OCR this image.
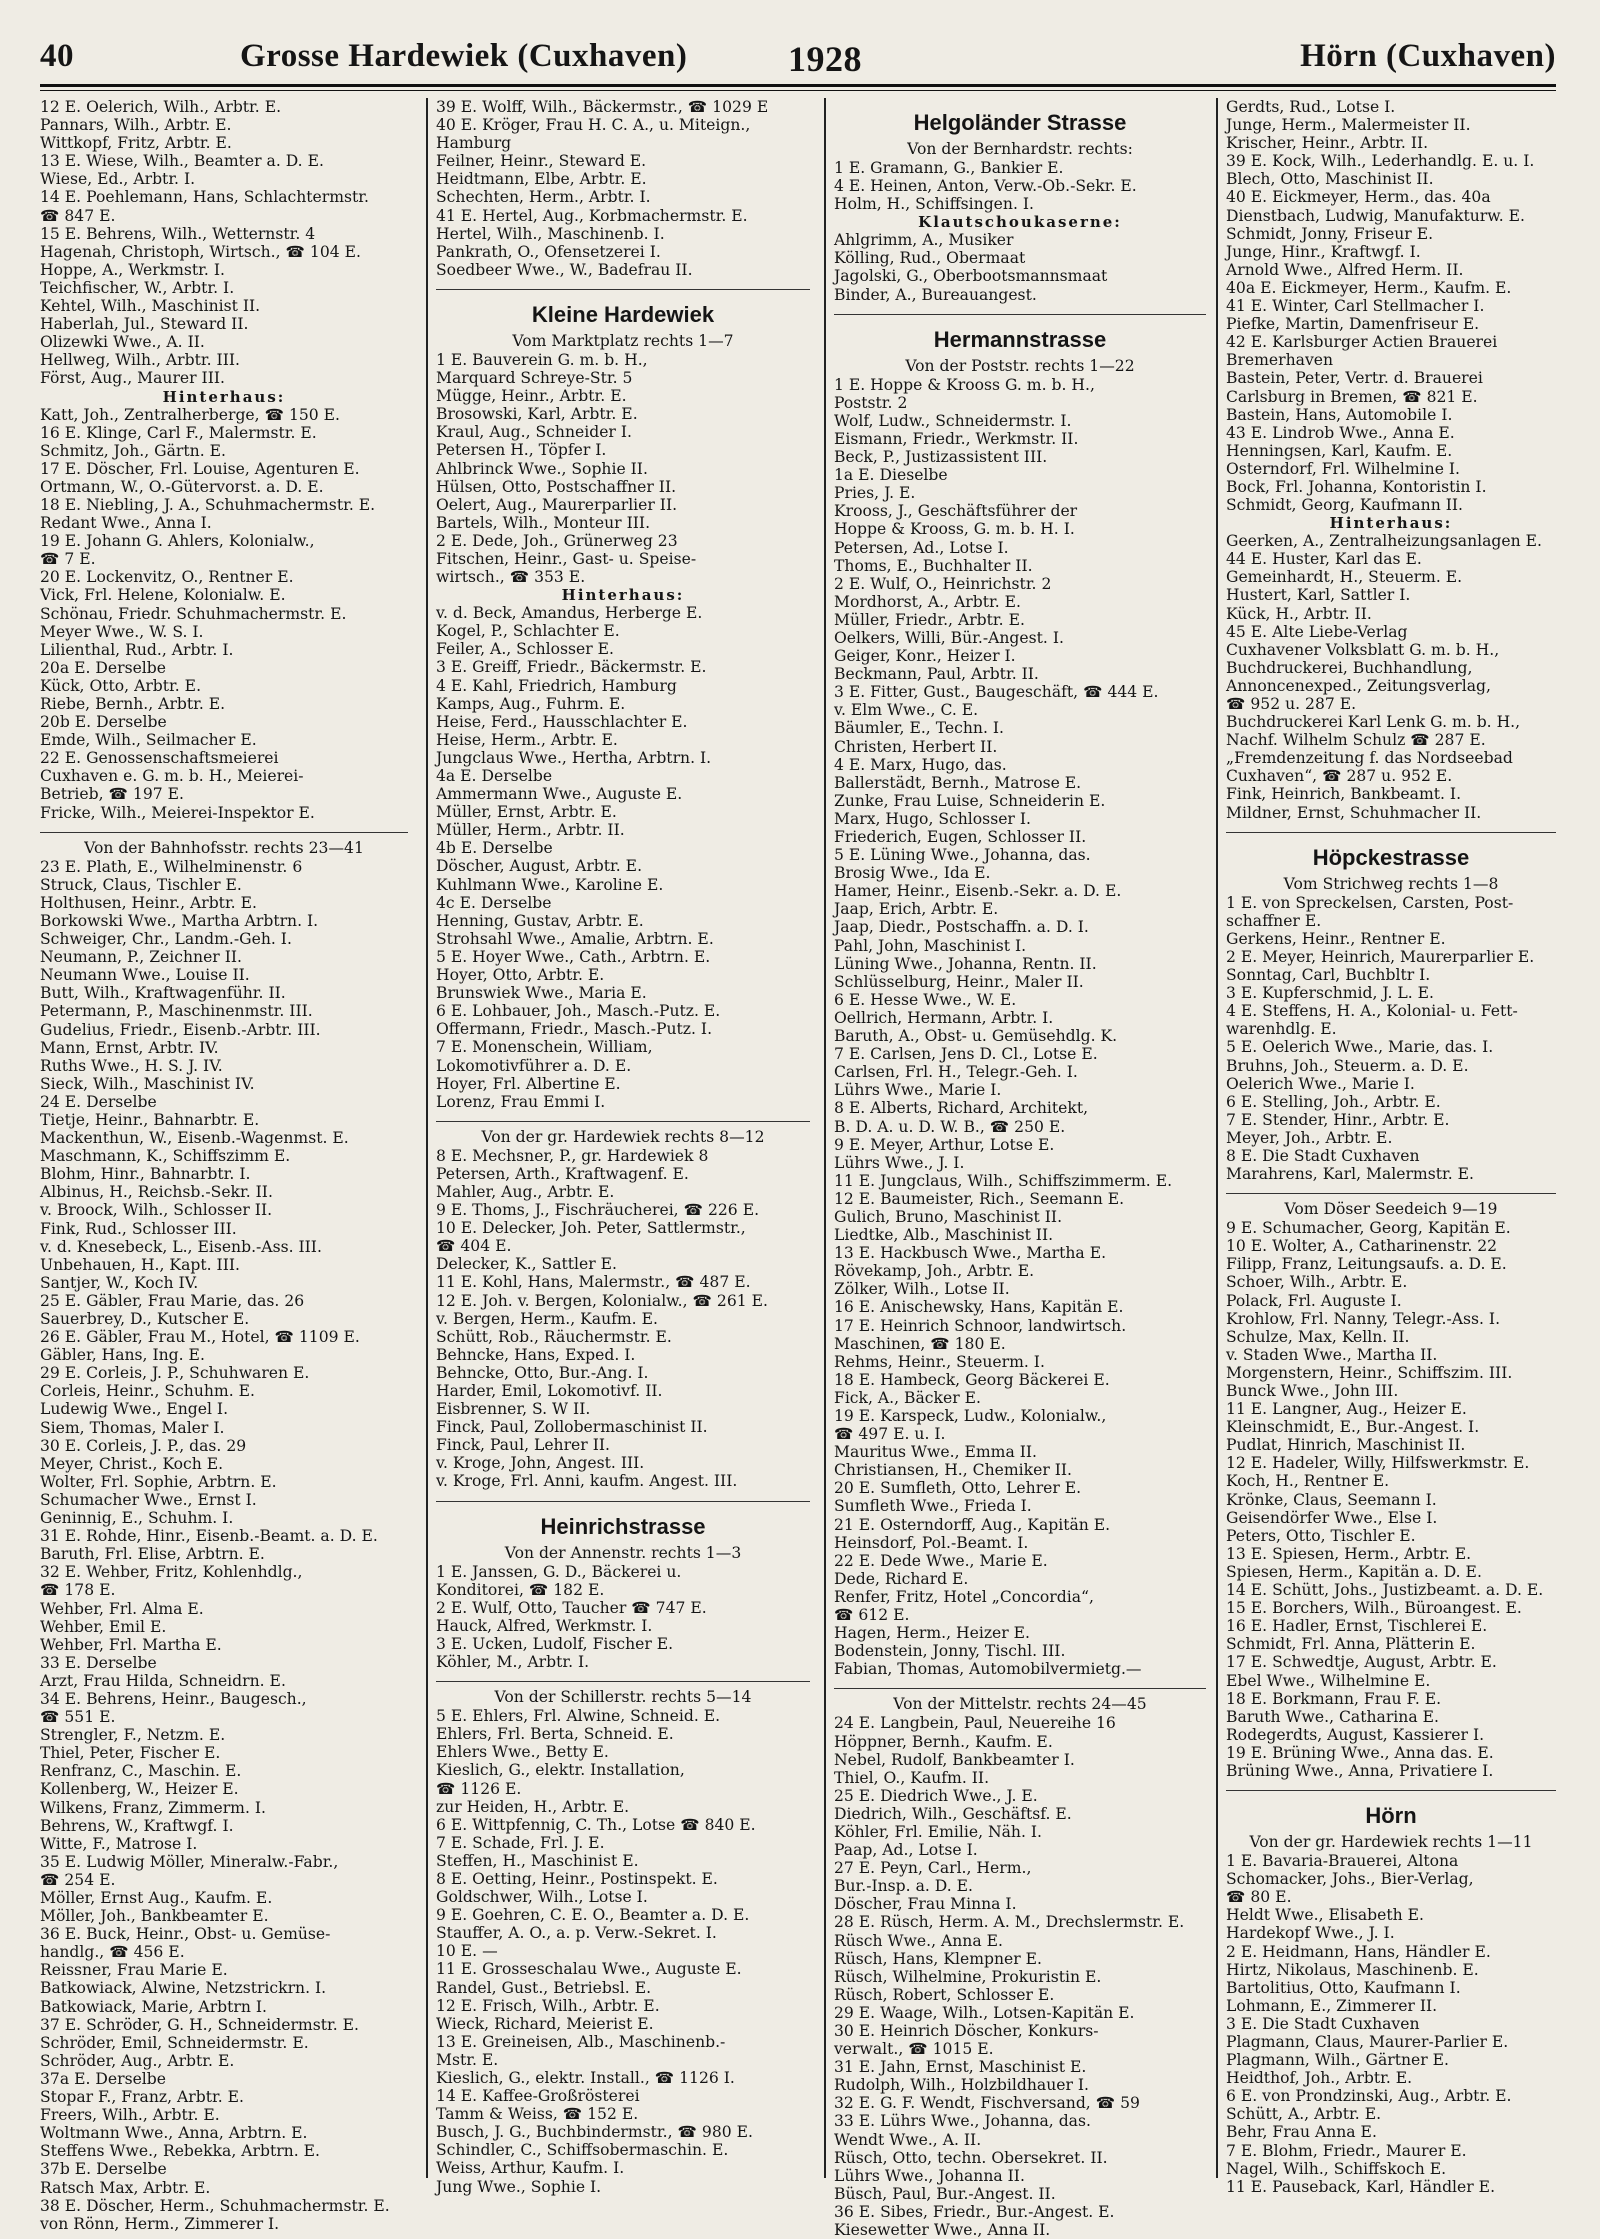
40	Grosse Hardewiek (Cuxhaven)	1928	Hörn (Cuxhaven)
12 E. Oelerich, Wilh., Arbtr. E.
Pannars, Wilh., Arbtr. E.
Wittkopf, Fritz, Arbtr. E.
13 E. Wiese, Wilh., Beamter a. D. E.
Wiese, Ed., Arbtr. I.
14 E. Poehlemann, Hans, Schlachtermstr.
☎ 847 E.
15 E. Behrens, Wilh., Wetternstr. 4
Hagenah, Christoph, Wirtsch., ☎ 104 E.
Hoppe, A., Werkmstr. I.
Teichfischer, W., Arbtr. I.
Kehtel, Wilh., Maschinist II.
Haberlah, Jul., Steward II.
Olizewki Wwe., A. II.
Hellweg, Wilh., Arbtr. III.
Först, Aug., Maurer III.
Hinterhaus:
Katt, Joh., Zentralherberge, ☎ 150 E.
16 E. Klinge, Carl F., Malermstr. E.
Schmitz, Joh., Gärtn. E.
17 E. Döscher, Frl. Louise, Agenturen E.
Ortmann, W., O.-Gütervorst. a. D. E.
18 E. Niebling, J. A., Schuhmachermstr. E.
Redant Wwe., Anna I.
19 E. Johann G. Ahlers, Kolonialw.,
☎ 7 E.
20 E. Lockenvitz, O., Rentner E.
Vick, Frl. Helene, Kolonialw. E.
Schönau, Friedr. Schuhmachermstr. E.
Meyer Wwe., W. S. I.
Lilienthal, Rud., Arbtr. I.
20a E. Derselbe
Kück, Otto, Arbtr. E.
Riebe, Bernh., Arbtr. E.
20b E. Derselbe
Emde, Wilh., Seilmacher E.
22 E. Genossenschaftsmeierei
Cuxhaven e. G. m. b. H., Meierei-
Betrieb, ☎ 197 E.
Fricke, Wilh., Meierei-Inspektor E.
Von der Bahnhofsstr. rechts 23—41
23 E. Plath, E., Wilhelminenstr. 6
Struck, Claus, Tischler E.
Holthusen, Heinr., Arbtr. E.
Borkowski Wwe., Martha Arbtrn. I.
Schweiger, Chr., Landm.-Geh. I.
Neumann, P., Zeichner II.
Neumann Wwe., Louise II.
Butt, Wilh., Kraftwagenführ. II.
Petermann, P., Maschinenmstr. III.
Gudelius, Friedr., Eisenb.-Arbtr. III.
Mann, Ernst, Arbtr. IV.
Ruths Wwe., H. S. J. IV.
Sieck, Wilh., Maschinist IV.
24 E. Derselbe
Tietje, Heinr., Bahnarbtr. E.
Mackenthun, W., Eisenb.-Wagenmst. E.
Maschmann, K., Schiffszimm E.
Blohm, Hinr., Bahnarbtr. I.
Albinus, H., Reichsb.-Sekr. II.
v. Broock, Wilh., Schlosser II.
Fink, Rud., Schlosser III.
v. d. Knesebeck, L., Eisenb.-Ass. III.
Unbehauen, H., Kapt. III.
Santjer, W., Koch IV.
25 E. Gäbler, Frau Marie, das. 26
Sauerbrey, D., Kutscher E.
26 E. Gäbler, Frau M., Hotel, ☎ 1109 E.
Gäbler, Hans, Ing. E.
29 E. Corleis, J. P., Schuhwaren E.
Corleis, Heinr., Schuhm. E.
Ludewig Wwe., Engel I.
Siem, Thomas, Maler I.
30 E. Corleis, J. P., das. 29
Meyer, Christ., Koch E.
Wolter, Frl. Sophie, Arbtrn. E.
Schumacher Wwe., Ernst I.
Geninnig, E., Schuhm. I.
31 E. Rohde, Hinr., Eisenb.-Beamt. a. D. E.
Baruth, Frl. Elise, Arbtrn. E.
32 E. Wehber, Fritz, Kohlenhdlg.,
☎ 178 E.
Wehber, Frl. Alma E.
Wehber, Emil E.
Wehber, Frl. Martha E.
33 E. Derselbe
Arzt, Frau Hilda, Schneidrn. E.
34 E. Behrens, Heinr., Baugesch.,
☎ 551 E.
Strengler, F., Netzm. E.
Thiel, Peter, Fischer E.
Renfranz, C., Maschin. E.
Kollenberg, W., Heizer E.
Wilkens, Franz, Zimmerm. I.
Behrens, W., Kraftwgf. I.
Witte, F., Matrose I.
35 E. Ludwig Möller, Mineralw.-Fabr.,
☎ 254 E.
Möller, Ernst Aug., Kaufm. E.
Möller, Joh., Bankbeamter E.
36 E. Buck, Heinr., Obst- u. Gemüse-
handlg., ☎ 456 E.
Reissner, Frau Marie E.
Batkowiack, Alwine, Netzstrickrn. I.
Batkowiack, Marie, Arbtrn I.
37 E. Schröder, G. H., Schneidermstr. E.
Schröder, Emil, Schneidermstr. E.
Schröder, Aug., Arbtr. E.
37a E. Derselbe
Stopar F., Franz, Arbtr. E.
Freers, Wilh., Arbtr. E.
Woltmann Wwe., Anna, Arbtrn. E.
Steffens Wwe., Rebekka, Arbtrn. E.
37b E. Derselbe
Ratsch Max, Arbtr. E.
38 E. Döscher, Herm., Schuhmachermstr. E.
von Rönn, Herm., Zimmerer I.
39 E. Wolff, Wilh., Bäckermstr., ☎ 1029 E
40 E. Kröger, Frau H. C. A., u. Miteign.,
Hamburg
Feilner, Heinr., Steward E.
Heidtmann, Elbe, Arbtr. E.
Schechten, Herm., Arbtr. I.
41 E. Hertel, Aug., Korbmachermstr. E.
Hertel, Wilh., Maschinenb. I.
Pankrath, O., Ofensetzerei I.
Soedbeer Wwe., W., Badefrau II.
Kleine Hardewiek
Vom Marktplatz rechts 1—7
1 E. Bauverein G. m. b. H.,
Marquard Schreye-Str. 5
Mügge, Heinr., Arbtr. E.
Brosowski, Karl, Arbtr. E.
Kraul, Aug., Schneider I.
Petersen H., Töpfer I.
Ahlbrinck Wwe., Sophie II.
Hülsen, Otto, Postschaffner II.
Oelert, Aug., Maurerparlier II.
Bartels, Wilh., Monteur III.
2 E. Dede, Joh., Grünerweg 23
Fitschen, Heinr., Gast- u. Speise-
wirtsch., ☎ 353 E.
Hinterhaus:
v. d. Beck, Amandus, Herberge E.
Kogel, P., Schlachter E.
Feiler, A., Schlosser E.
3 E. Greiff, Friedr., Bäckermstr. E.
4 E. Kahl, Friedrich, Hamburg
Kamps, Aug., Fuhrm. E.
Heise, Ferd., Hausschlachter E.
Heise, Herm., Arbtr. E.
Jungclaus Wwe., Hertha, Arbtrn. I.
4a E. Derselbe
Ammermann Wwe., Auguste E.
Müller, Ernst, Arbtr. E.
Müller, Herm., Arbtr. II.
4b E. Derselbe
Döscher, August, Arbtr. E.
Kuhlmann Wwe., Karoline E.
4c E. Derselbe
Henning, Gustav, Arbtr. E.
Strohsahl Wwe., Amalie, Arbtrn. E.
5 E. Hoyer Wwe., Cath., Arbtrn. E.
Hoyer, Otto, Arbtr. E.
Brunswiek Wwe., Maria E.
6 E. Lohbauer, Joh., Masch.-Putz. E.
Offermann, Friedr., Masch.-Putz. I.
7 E. Monenschein, William,
Lokomotivführer a. D. E.
Hoyer, Frl. Albertine E.
Lorenz, Frau Emmi I.
Von der gr. Hardewiek rechts 8—12
8 E. Mechsner, P., gr. Hardewiek 8
Petersen, Arth., Kraftwagenf. E.
Mahler, Aug., Arbtr. E.
9 E. Thoms, J., Fischräucherei, ☎ 226 E.
10 E. Delecker, Joh. Peter, Sattlermstr.,
☎ 404 E.
Delecker, K., Sattler E.
11 E. Kohl, Hans, Malermstr., ☎ 487 E.
12 E. Joh. v. Bergen, Kolonialw., ☎ 261 E.
v. Bergen, Herm., Kaufm. E.
Schütt, Rob., Räuchermstr. E.
Behncke, Hans, Exped. I.
Behncke, Otto, Bur.-Ang. I.
Harder, Emil, Lokomotivf. II.
Eisbrenner, S. W II.
Finck, Paul, Zollobermaschinist II.
Finck, Paul, Lehrer II.
v. Kroge, John, Angest. III.
v. Kroge, Frl. Anni, kaufm. Angest. III.
Heinrichstrasse
Von der Annenstr. rechts 1—3
1 E. Janssen, G. D., Bäckerei u.
Konditorei, ☎ 182 E.
2 E. Wulf, Otto, Taucher ☎ 747 E.
Hauck, Alfred, Werkmstr. I.
3 E. Ucken, Ludolf, Fischer E.
Köhler, M., Arbtr. I.
Von der Schillerstr. rechts 5—14
5 E. Ehlers, Frl. Alwine, Schneid. E.
Ehlers, Frl. Berta, Schneid. E.
Ehlers Wwe., Betty E.
Kieslich, G., elektr. Installation,
☎ 1126 E.
zur Heiden, H., Arbtr. E.
6 E. Wittpfennig, C. Th., Lotse ☎ 840 E.
7 E. Schade, Frl. J. E.
Steffen, H., Maschinist E.
8 E. Oetting, Heinr., Postinspekt. E.
Goldschwer, Wilh., Lotse I.
9 E. Goehren, C. E. O., Beamter a. D. E.
Stauffer, A. O., a. p. Verw.-Sekret. I.
10 E. —
11 E. Grosseschalau Wwe., Auguste E.
Randel, Gust., Betriebsl. E.
12 E. Frisch, Wilh., Arbtr. E.
Wieck, Richard, Meierist E.
13 E. Greineisen, Alb., Maschinenb.-
Mstr. E.
Kieslich, G., elektr. Install., ☎ 1126 I.
14 E. Kaffee-Großrösterei
Tamm & Weiss, ☎ 152 E.
Busch, J. G., Buchbindermstr., ☎ 980 E.
Schindler, C., Schiffsobermaschin. E.
Weiss, Arthur, Kaufm. I.
Jung Wwe., Sophie I.
Helgoländer Strasse
Von der Bernhardstr. rechts:
1 E. Gramann, G., Bankier E.
4 E. Heinen, Anton, Verw.-Ob.-Sekr. E.
Holm, H., Schiffsingen. I.
Klautschoukaserne:
Ahlgrimm, A., Musiker
Kölling, Rud., Obermaat
Jagolski, G., Oberbootsmannsmaat
Binder, A., Bureauangest.
Hermannstrasse
Von der Poststr. rechts 1—22
1 E. Hoppe & Krooss G. m. b. H.,
Poststr. 2
Wolf, Ludw., Schneidermstr. I.
Eismann, Friedr., Werkmstr. II.
Beck, P., Justizassistent III.
1a E. Dieselbe
Pries, J. E.
Krooss, J., Geschäftsführer der
Hoppe & Krooss, G. m. b. H. I.
Petersen, Ad., Lotse I.
Thoms, E., Buchhalter II.
2 E. Wulf, O., Heinrichstr. 2
Mordhorst, A., Arbtr. E.
Müller, Friedr., Arbtr. E.
Oelkers, Willi, Bür.-Angest. I.
Geiger, Konr., Heizer I.
Beckmann, Paul, Arbtr. II.
3 E. Fitter, Gust., Baugeschäft, ☎ 444 E.
v. Elm Wwe., C. E.
Bäumler, E., Techn. I.
Christen, Herbert II.
4 E. Marx, Hugo, das.
Ballerstädt, Bernh., Matrose E.
Zunke, Frau Luise, Schneiderin E.
Marx, Hugo, Schlosser I.
Friederich, Eugen, Schlosser II.
5 E. Lüning Wwe., Johanna, das.
Brosig Wwe., Ida E.
Hamer, Heinr., Eisenb.-Sekr. a. D. E.
Jaap, Erich, Arbtr. E.
Jaap, Diedr., Postschaffn. a. D. I.
Pahl, John, Maschinist I.
Lüning Wwe., Johanna, Rentn. II.
Schlüsselburg, Heinr., Maler II.
6 E. Hesse Wwe., W. E.
Oellrich, Hermann, Arbtr. I.
Baruth, A., Obst- u. Gemüsehdlg. K.
7 E. Carlsen, Jens D. Cl., Lotse E.
Carlsen, Frl. H., Telegr.-Geh. I.
Lührs Wwe., Marie I.
8 E. Alberts, Richard, Architekt,
B. D. A. u. D. W. B., ☎ 250 E.
9 E. Meyer, Arthur, Lotse E.
Lührs Wwe., J. I.
11 E. Jungclaus, Wilh., Schiffszimmerm. E.
12 E. Baumeister, Rich., Seemann E.
Gulich, Bruno, Maschinist II.
Liedtke, Alb., Maschinist II.
13 E. Hackbusch Wwe., Martha E.
Rövekamp, Joh., Arbtr. E.
Zölker, Wilh., Lotse II.
16 E. Anischewsky, Hans, Kapitän E.
17 E. Heinrich Schnoor, landwirtsch.
Maschinen, ☎ 180 E.
Rehms, Heinr., Steuerm. I.
18 E. Hambeck, Georg Bäckerei E.
Fick, A., Bäcker E.
19 E. Karspeck, Ludw., Kolonialw.,
☎ 497 E. u. I.
Mauritus Wwe., Emma II.
Christiansen, H., Chemiker II.
20 E. Sumfleth, Otto, Lehrer E.
Sumfleth Wwe., Frieda I.
21 E. Osterndorff, Aug., Kapitän E.
Heinsdorf, Pol.-Beamt. I.
22 E. Dede Wwe., Marie E.
Dede, Richard E.
Renfer, Fritz, Hotel „Concordia“,
☎ 612 E.
Hagen, Herm., Heizer E.
Bodenstein, Jonny, Tischl. III.
Fabian, Thomas, Automobilvermietg.—
Von der Mittelstr. rechts 24—45
24 E. Langbein, Paul, Neuereihe 16
Höppner, Bernh., Kaufm. E.
Nebel, Rudolf, Bankbeamter I.
Thiel, O., Kaufm. II.
25 E. Diedrich Wwe., J. E.
Diedrich, Wilh., Geschäftsf. E.
Köhler, Frl. Emilie, Näh. I.
Paap, Ad., Lotse I.
27 E. Peyn, Carl., Herm.,
Bur.-Insp. a. D. E.
Döscher, Frau Minna I.
28 E. Rüsch, Herm. A. M., Drechslermstr. E.
Rüsch Wwe., Anna E.
Rüsch, Hans, Klempner E.
Rüsch, Wilhelmine, Prokuristin E.
Rüsch, Robert, Schlosser E.
29 E. Waage, Wilh., Lotsen-Kapitän E.
30 E. Heinrich Döscher, Konkurs-
verwalt., ☎ 1015 E.
31 E. Jahn, Ernst, Maschinist E.
Rudolph, Wilh., Holzbildhauer I.
32 E. G. F. Wendt, Fischversand, ☎ 59
33 E. Lührs Wwe., Johanna, das.
Wendt Wwe., A. II.
Rüsch, Otto, techn. Obersekret. II.
Lührs Wwe., Johanna II.
Büsch, Paul, Bur.-Angest. II.
36 E. Sibes, Friedr., Bur.-Angest. E.
Kiesewetter Wwe., Anna II.
Gerdts, Rud., Lotse I.
Junge, Herm., Malermeister II.
Krischer, Heinr., Arbtr. II.
39 E. Kock, Wilh., Lederhandlg. E. u. I.
Blech, Otto, Maschinist II.
40 E. Eickmeyer, Herm., das. 40a
Dienstbach, Ludwig, Manufakturw. E.
Schmidt, Jonny, Friseur E.
Junge, Hinr., Kraftwgf. I.
Arnold Wwe., Alfred Herm. II.
40a E. Eickmeyer, Herm., Kaufm. E.
41 E. Winter, Carl Stellmacher I.
Piefke, Martin, Damenfriseur E.
42 E. Karlsburger Actien Brauerei
Bremerhaven
Bastein, Peter, Vertr. d. Brauerei
Carlsburg in Bremen, ☎ 821 E.
Bastein, Hans, Automobile I.
43 E. Lindrob Wwe., Anna E.
Henningsen, Karl, Kaufm. E.
Osterndorf, Frl. Wilhelmine I.
Bock, Frl. Johanna, Kontoristin I.
Schmidt, Georg, Kaufmann II.
Hinterhaus:
Geerken, A., Zentralheizungsanlagen E.
44 E. Huster, Karl das E.
Gemeinhardt, H., Steuerm. E.
Hustert, Karl, Sattler I.
Kück, H., Arbtr. II.
45 E. Alte Liebe-Verlag
Cuxhavener Volksblatt G. m. b. H.,
Buchdruckerei, Buchhandlung,
Annoncenexped., Zeitungsverlag,
☎ 952 u. 287 E.
Buchdruckerei Karl Lenk G. m. b. H.,
Nachf. Wilhelm Schulz ☎ 287 E.
„Fremdenzeitung f. das Nordseebad
Cuxhaven“, ☎ 287 u. 952 E.
Fink, Heinrich, Bankbeamt. I.
Mildner, Ernst, Schuhmacher II.
Höpckestrasse
Vom Strichweg rechts 1—8
1 E. von Spreckelsen, Carsten, Post-
schaffner E.
Gerkens, Heinr., Rentner E.
2 E. Meyer, Heinrich, Maurerparlier E.
Sonntag, Carl, Buchbltr I.
3 E. Kupferschmid, J. L. E.
4 E. Steffens, H. A., Kolonial- u. Fett-
warenhdlg. E.
5 E. Oelerich Wwe., Marie, das. I.
Bruhns, Joh., Steuerm. a. D. E.
Oelerich Wwe., Marie I.
6 E. Stelling, Joh., Arbtr. E.
7 E. Stender, Hinr., Arbtr. E.
Meyer, Joh., Arbtr. E.
8 E. Die Stadt Cuxhaven
Marahrens, Karl, Malermstr. E.
Vom Döser Seedeich 9—19
9 E. Schumacher, Georg, Kapitän E.
10 E. Wolter, A., Catharinenstr. 22
Filipp, Franz, Leitungsaufs. a. D. E.
Schoer, Wilh., Arbtr. E.
Polack, Frl. Auguste I.
Krohlow, Frl. Nanny, Telegr.-Ass. I.
Schulze, Max, Kelln. II.
v. Staden Wwe., Martha II.
Morgenstern, Heinr., Schiffszim. III.
Bunck Wwe., John III.
11 E. Langner, Aug., Heizer E.
Kleinschmidt, E., Bur.-Angest. I.
Pudlat, Hinrich, Maschinist II.
12 E. Hadeler, Willy, Hilfswerkmstr. E.
Koch, H., Rentner E.
Krönke, Claus, Seemann I.
Geisendörfer Wwe., Else I.
Peters, Otto, Tischler E.
13 E. Spiesen, Herm., Arbtr. E.
Spiesen, Herm., Kapitän a. D. E.
14 E. Schütt, Johs., Justizbeamt. a. D. E.
15 E. Borchers, Wilh., Büroangest. E.
16 E. Hadler, Ernst, Tischlerei E.
Schmidt, Frl. Anna, Plätterin E.
17 E. Schwedtje, August, Arbtr. E.
Ebel Wwe., Wilhelmine E.
18 E. Borkmann, Frau F. E.
Baruth Wwe., Catharina E.
Rodegerdts, August, Kassierer I.
19 E. Brüning Wwe., Anna das. E.
Brüning Wwe., Anna, Privatiere I.
Hörn
Von der gr. Hardewiek rechts 1—11
1 E. Bavaria-Brauerei, Altona
Schomacker, Johs., Bier-Verlag,
☎ 80 E.
Heldt Wwe., Elisabeth E.
Hardekopf Wwe., J. I.
2 E. Heidmann, Hans, Händler E.
Hirtz, Nikolaus, Maschinenb. E.
Bartolitius, Otto, Kaufmann I.
Lohmann, E., Zimmerer II.
3 E. Die Stadt Cuxhaven
Plagmann, Claus, Maurer-Parlier E.
Plagmann, Wilh., Gärtner E.
Heidthof, Joh., Arbtr. E.
6 E. von Prondzinski, Aug., Arbtr. E.
Schütt, A., Arbtr. E.
Behr, Frau Anna E.
7 E. Blohm, Friedr., Maurer E.
Nagel, Wilh., Schiffskoch E.
11 E. Pauseback, Karl, Händler E.
